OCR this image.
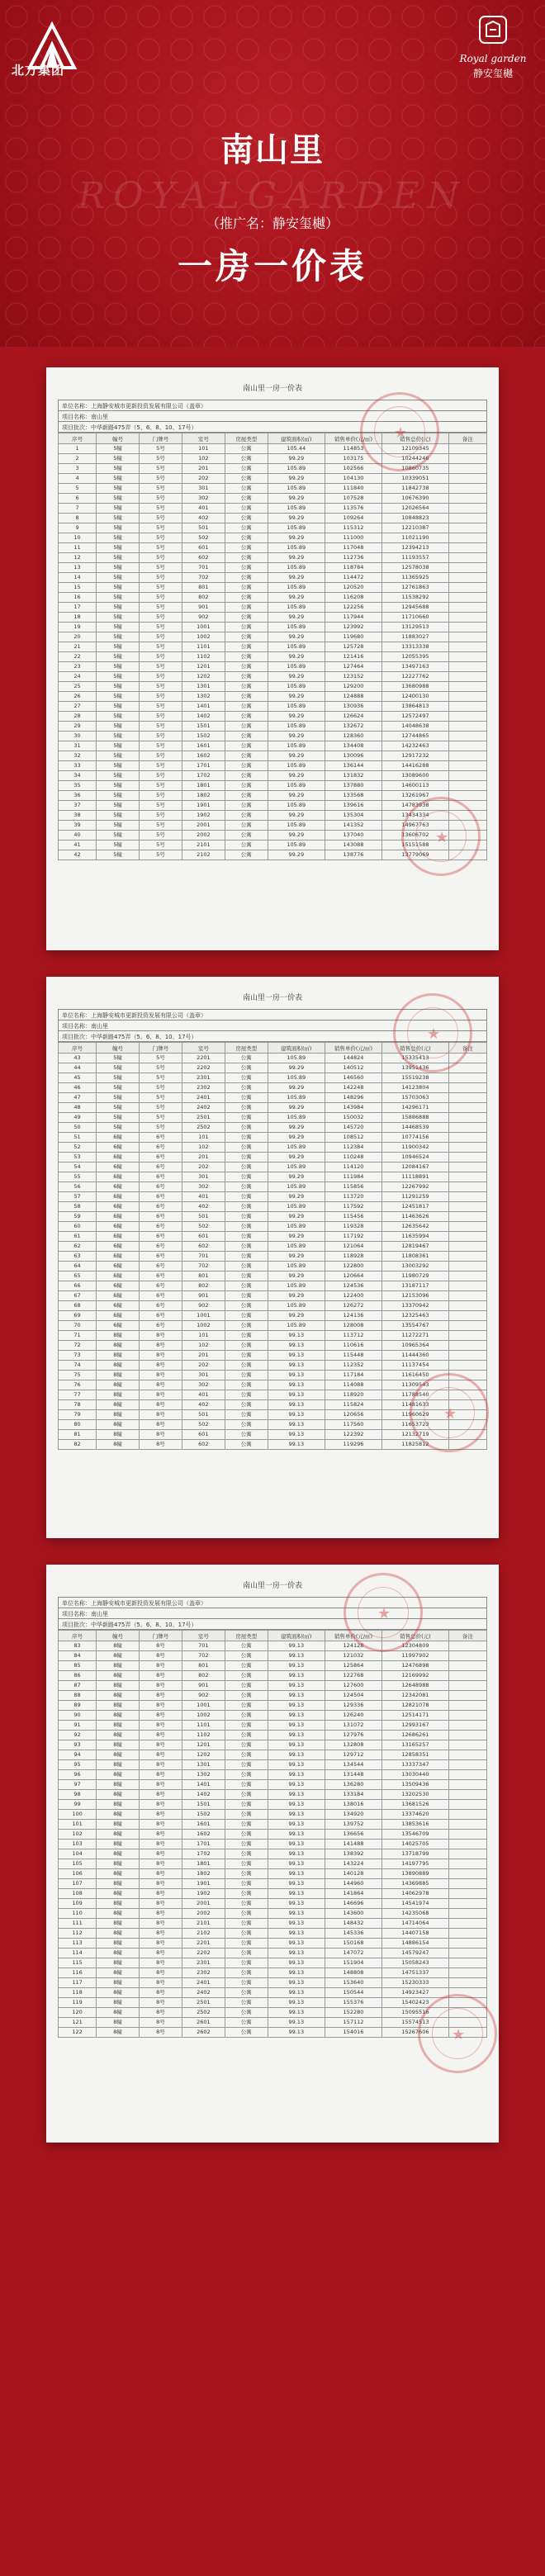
北方集团
Royal garden
静安玺樾
南山里
ROYALGARDEN
（推广名：静安玺樾）
一房一价表
南山里一房一价表
单位名称：上海静安城市更新投资发展有限公司（盖章）
项目名称：南山里
项目批次：中华新路475弄（5、6、8、10、17号）
序号	幢号	门牌号	室号	房屋类型	建筑面积(㎡)	销售单价(元/㎡)	销售总价(元)	备注
1	5幢	5号	101	公寓	105.44	114853	12109345	
2	5幢	5号	102	公寓	99.29	103175	10244246	
3	5幢	5号	201	公寓	105.89	102566	10860735	
4	5幢	5号	202	公寓	99.29	104130	10339051	
5	5幢	5号	301	公寓	105.89	111840	11842738	
6	5幢	5号	302	公寓	99.29	107528	10676390	
7	5幢	5号	401	公寓	105.89	113576	12026564	
8	5幢	5号	402	公寓	99.29	109264	10848823	
9	5幢	5号	501	公寓	105.89	115312	12210387	
10	5幢	5号	502	公寓	99.29	111000	11021190	
11	5幢	5号	601	公寓	105.89	117048	12394213	
12	5幢	5号	602	公寓	99.29	112736	11193557	
13	5幢	5号	701	公寓	105.89	118784	12578038	
14	5幢	5号	702	公寓	99.29	114472	11365925	
15	5幢	5号	801	公寓	105.89	120520	12761863	
16	5幢	5号	802	公寓	99.29	116208	11538292	
17	5幢	5号	901	公寓	105.89	122256	12945688	
18	5幢	5号	902	公寓	99.29	117944	11710660	
19	5幢	5号	1001	公寓	105.89	123992	13129513	
20	5幢	5号	1002	公寓	99.29	119680	11883027	
21	5幢	5号	1101	公寓	105.89	125728	13313338	
22	5幢	5号	1102	公寓	99.29	121416	12055395	
23	5幢	5号	1201	公寓	105.89	127464	13497163	
24	5幢	5号	1202	公寓	99.29	123152	12227762	
25	5幢	5号	1301	公寓	105.89	129200	13680988	
26	5幢	5号	1302	公寓	99.29	124888	12400130	
27	5幢	5号	1401	公寓	105.89	130936	13864813	
28	5幢	5号	1402	公寓	99.29	126624	12572497	
29	5幢	5号	1501	公寓	105.89	132672	14048638	
30	5幢	5号	1502	公寓	99.29	128360	12744865	
31	5幢	5号	1601	公寓	105.89	134408	14232463	
32	5幢	5号	1602	公寓	99.29	130096	12917232	
33	5幢	5号	1701	公寓	105.89	136144	14416288	
34	5幢	5号	1702	公寓	99.29	131832	13089600	
35	5幢	5号	1801	公寓	105.89	137880	14600113	
36	5幢	5号	1802	公寓	99.29	133568	13261967	
37	5幢	5号	1901	公寓	105.89	139616	14783938	
38	5幢	5号	1902	公寓	99.29	135304	13434334	
39	5幢	5号	2001	公寓	105.89	141352	14967763	
40	5幢	5号	2002	公寓	99.29	137040	13606702	
41	5幢	5号	2101	公寓	105.89	143088	15151588	
42	5幢	5号	2102	公寓	99.29	138776	13779069	
★
★
南山里一房一价表
单位名称：上海静安城市更新投资发展有限公司（盖章）
项目名称：南山里
项目批次：中华新路475弄（5、6、8、10、17号）
序号	幢号	门牌号	室号	房屋类型	建筑面积(㎡)	销售单价(元/㎡)	销售总价(元)	备注
43	5幢	5号	2201	公寓	105.89	144824	15335413	
44	5幢	5号	2202	公寓	99.29	140512	13951436	
45	5幢	5号	2301	公寓	105.89	146560	15519238	
46	5幢	5号	2302	公寓	99.29	142248	14123804	
47	5幢	5号	2401	公寓	105.89	148296	15703063	
48	5幢	5号	2402	公寓	99.29	143984	14296171	
49	5幢	5号	2501	公寓	105.89	150032	15886888	
50	5幢	5号	2502	公寓	99.29	145720	14468539	
51	6幢	6号	101	公寓	99.29	108512	10774156	
52	6幢	6号	102	公寓	105.89	112384	11900342	
53	6幢	6号	201	公寓	99.29	110248	10946524	
54	6幢	6号	202	公寓	105.89	114120	12084167	
55	6幢	6号	301	公寓	99.29	111984	11118891	
56	6幢	6号	302	公寓	105.89	115856	12267992	
57	6幢	6号	401	公寓	99.29	113720	11291259	
58	6幢	6号	402	公寓	105.89	117592	12451817	
59	6幢	6号	501	公寓	99.29	115456	11463626	
60	6幢	6号	502	公寓	105.89	119328	12635642	
61	6幢	6号	601	公寓	99.29	117192	11635994	
62	6幢	6号	602	公寓	105.89	121064	12819467	
63	6幢	6号	701	公寓	99.29	118928	11808361	
64	6幢	6号	702	公寓	105.89	122800	13003292	
65	6幢	6号	801	公寓	99.29	120664	11980729	
66	6幢	6号	802	公寓	105.89	124536	13187117	
67	6幢	6号	901	公寓	99.29	122400	12153096	
68	6幢	6号	902	公寓	105.89	126272	13370942	
69	6幢	6号	1001	公寓	99.29	124136	12325463	
70	6幢	6号	1002	公寓	105.89	128008	13554767	
71	8幢	8号	101	公寓	99.13	113712	11272271	
72	8幢	8号	102	公寓	99.13	110616	10965364	
73	8幢	8号	201	公寓	99.13	115448	11444360	
74	8幢	8号	202	公寓	99.13	112352	11137454	
75	8幢	8号	301	公寓	99.13	117184	11616450	
76	8幢	8号	302	公寓	99.13	114088	11309543	
77	8幢	8号	401	公寓	99.13	118920	11788540	
78	8幢	8号	402	公寓	99.13	115824	11481633	
79	8幢	8号	501	公寓	99.13	120656	11960629	
80	8幢	8号	502	公寓	99.13	117560	11653723	
81	8幢	8号	601	公寓	99.13	122392	12132719	
82	8幢	8号	602	公寓	99.13	119296	11825812	
★
★
南山里一房一价表
单位名称：上海静安城市更新投资发展有限公司（盖章）
项目名称：南山里
项目批次：中华新路475弄（5、6、8、10、17号）
序号	幢号	门牌号	室号	房屋类型	建筑面积(㎡)	销售单价(元/㎡)	销售总价(元)	备注
83	8幢	8号	701	公寓	99.13	124128	12304809	
84	8幢	8号	702	公寓	99.13	121032	11997902	
85	8幢	8号	801	公寓	99.13	125864	12476898	
86	8幢	8号	802	公寓	99.13	122768	12169992	
87	8幢	8号	901	公寓	99.13	127600	12648988	
88	8幢	8号	902	公寓	99.13	124504	12342081	
89	8幢	8号	1001	公寓	99.13	129336	12821078	
90	8幢	8号	1002	公寓	99.13	126240	12514171	
91	8幢	8号	1101	公寓	99.13	131072	12993167	
92	8幢	8号	1102	公寓	99.13	127976	12686261	
93	8幢	8号	1201	公寓	99.13	132808	13165257	
94	8幢	8号	1202	公寓	99.13	129712	12858351	
95	8幢	8号	1301	公寓	99.13	134544	13337347	
96	8幢	8号	1302	公寓	99.13	131448	13030440	
97	8幢	8号	1401	公寓	99.13	136280	13509436	
98	8幢	8号	1402	公寓	99.13	133184	13202530	
99	8幢	8号	1501	公寓	99.13	138016	13681526	
100	8幢	8号	1502	公寓	99.13	134920	13374620	
101	8幢	8号	1601	公寓	99.13	139752	13853616	
102	8幢	8号	1602	公寓	99.13	136656	13546709	
103	8幢	8号	1701	公寓	99.13	141488	14025705	
104	8幢	8号	1702	公寓	99.13	138392	13718799	
105	8幢	8号	1801	公寓	99.13	143224	14197795	
106	8幢	8号	1802	公寓	99.13	140128	13890889	
107	8幢	8号	1901	公寓	99.13	144960	14369885	
108	8幢	8号	1902	公寓	99.13	141864	14062978	
109	8幢	8号	2001	公寓	99.13	146696	14541974	
110	8幢	8号	2002	公寓	99.13	143600	14235068	
111	8幢	8号	2101	公寓	99.13	148432	14714064	
112	8幢	8号	2102	公寓	99.13	145336	14407158	
113	8幢	8号	2201	公寓	99.13	150168	14886154	
114	8幢	8号	2202	公寓	99.13	147072	14579247	
115	8幢	8号	2301	公寓	99.13	151904	15058243	
116	8幢	8号	2302	公寓	99.13	148808	14751337	
117	8幢	8号	2401	公寓	99.13	153640	15230333	
118	8幢	8号	2402	公寓	99.13	150544	14923427	
119	8幢	8号	2501	公寓	99.13	155376	15402423	
120	8幢	8号	2502	公寓	99.13	152280	15095516	
121	8幢	8号	2601	公寓	99.13	157112	15574513	
122	8幢	8号	2602	公寓	99.13	154016	15267606	
★
★
